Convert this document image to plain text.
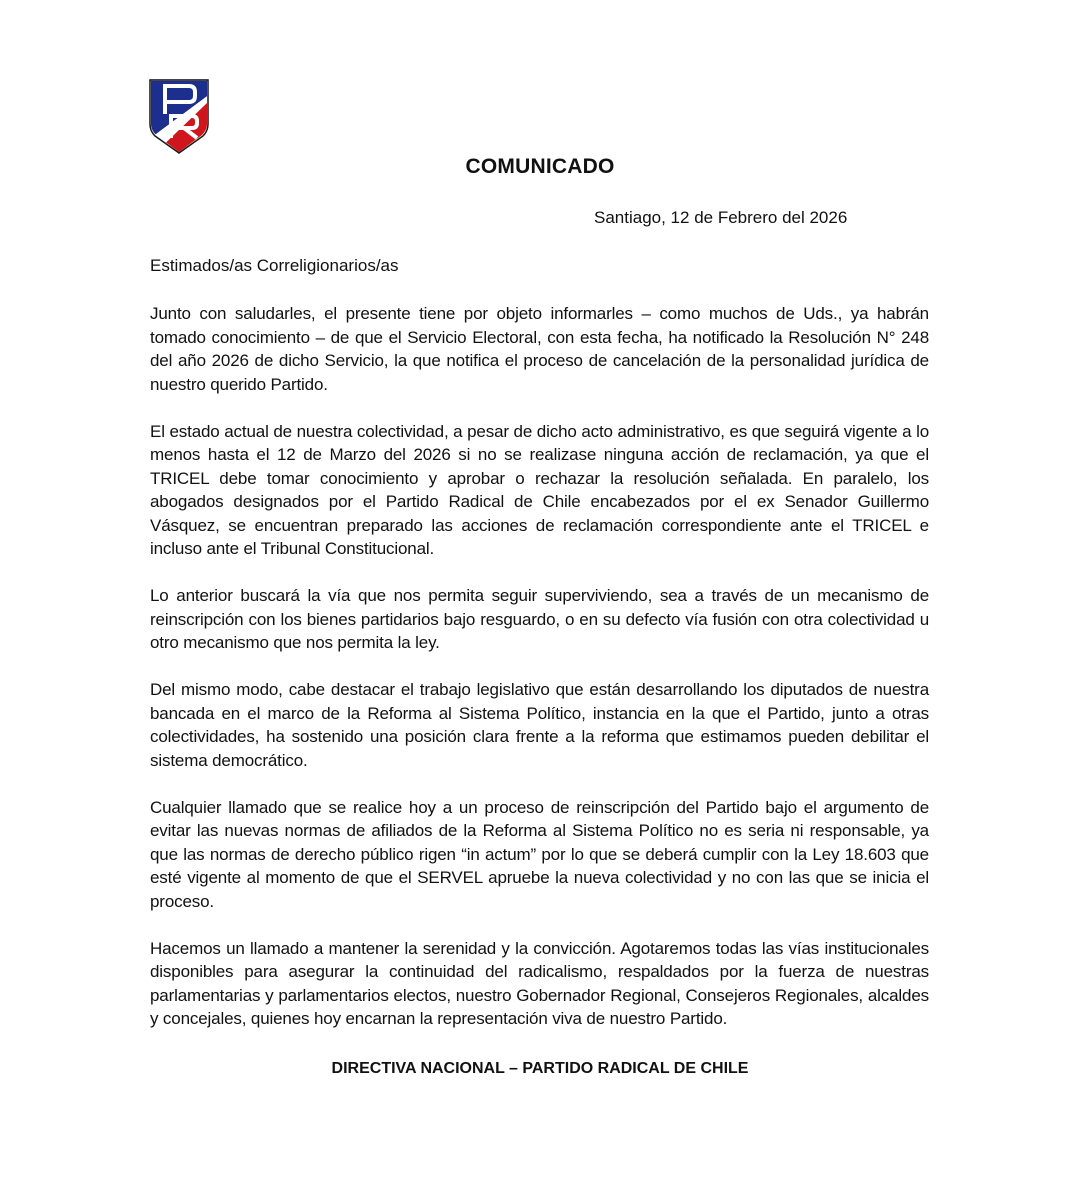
COMUNICADO
Santiago, 12 de Febrero del 2026
Estimados/as Correligionarios/as

Junto con saludarles, el presente tiene por objeto informarles – como muchos de Uds., ya habrán tomado conocimiento – de que el Servicio Electoral, con esta fecha, ha notificado la Resolución N° 248 del año 2026 de dicho Servicio, la que notifica el proceso de cancelación de la personalidad jurídica de nuestro querido Partido.

El estado actual de nuestra colectividad, a pesar de dicho acto administrativo, es que seguirá vigente a lo menos hasta el 12 de Marzo del 2026 si no se realizase ninguna acción de reclamación, ya que el TRICEL debe tomar conocimiento y aprobar o rechazar la resolución señalada. En paralelo, los abogados designados por el Partido Radical de Chile encabezados por el ex Senador Guillermo Vásquez, se encuentran preparado las acciones de reclamación correspondiente ante el TRICEL e incluso ante el Tribunal Constitucional.

Lo anterior buscará la vía que nos permita seguir superviviendo, sea a través de un mecanismo de reinscripción con los bienes partidarios bajo resguardo, o en su defecto vía fusión con otra colectividad u otro mecanismo que nos permita la ley.

Del mismo modo, cabe destacar el trabajo legislativo que están desarrollando los diputados de nuestra bancada en el marco de la Reforma al Sistema Político, instancia en la que el Partido, junto a otras colectividades, ha sostenido una posición clara frente a la reforma que estimamos pueden debilitar el sistema democrático.

Cualquier llamado que se realice hoy a un proceso de reinscripción del Partido bajo el argumento de evitar las nuevas normas de afiliados de la Reforma al Sistema Político no es seria ni responsable, ya que las normas de derecho público rigen “in actum” por lo que se deberá cumplir con la Ley 18.603 que esté vigente al momento de que el SERVEL apruebe la nueva colectividad y no con las que se inicia el proceso.

Hacemos un llamado a mantener la serenidad y la convicción. Agotaremos todas las vías institucionales disponibles para asegurar la continuidad del radicalismo, respaldados por la fuerza de nuestras parlamentarias y parlamentarios electos, nuestro Gobernador Regional, Consejeros Regionales, alcaldes y concejales, quienes hoy encarnan la representación viva de nuestro Partido.

DIRECTIVA NACIONAL – PARTIDO RADICAL DE CHILE
